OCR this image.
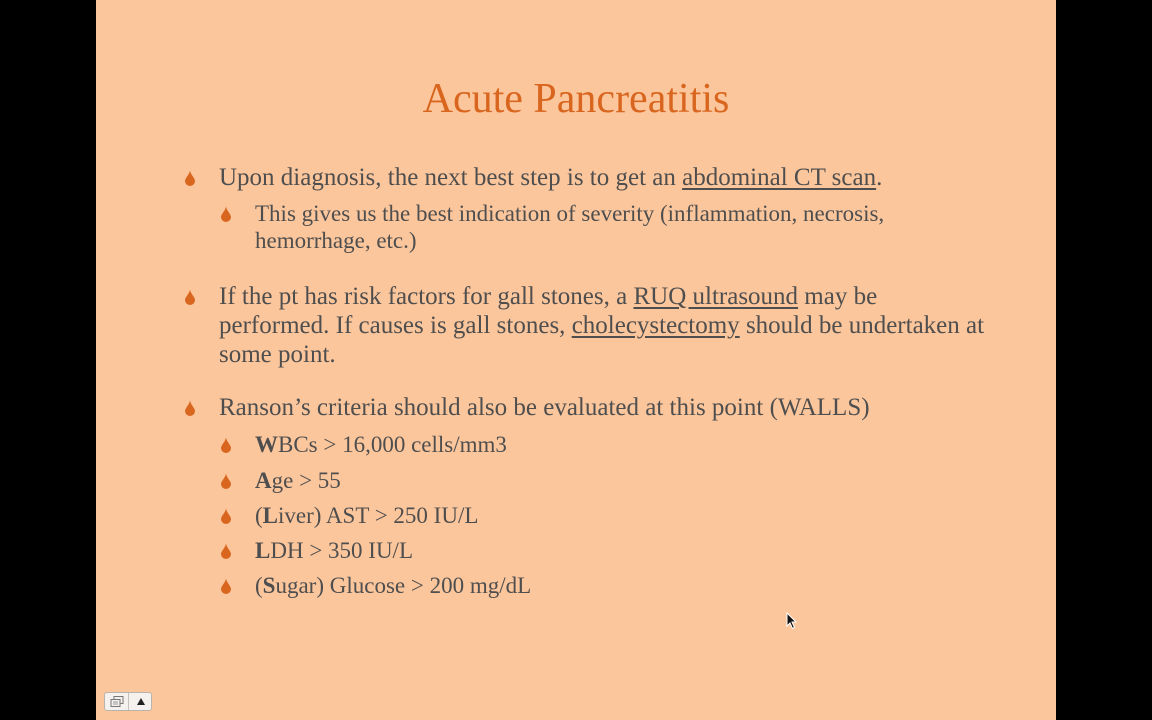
Acute Pancreatitis
Upon diagnosis, the next best step is to get an abdominal CT scan.
This gives us the best indication of severity (inflammation, necrosis, hemorrhage, etc.)
If the pt has risk factors for gall stones, a RUQ ultrasound may be performed. If causes is gall stones, cholecystectomy should be undertaken at some point.
Ranson’s criteria should also be evaluated at this point (WALLS)
WBCs > 16,000 cells/mm3
Age > 55
(Liver) AST > 250 IU/L
LDH > 350 IU/L
(Sugar) Glucose > 200 mg/dL
